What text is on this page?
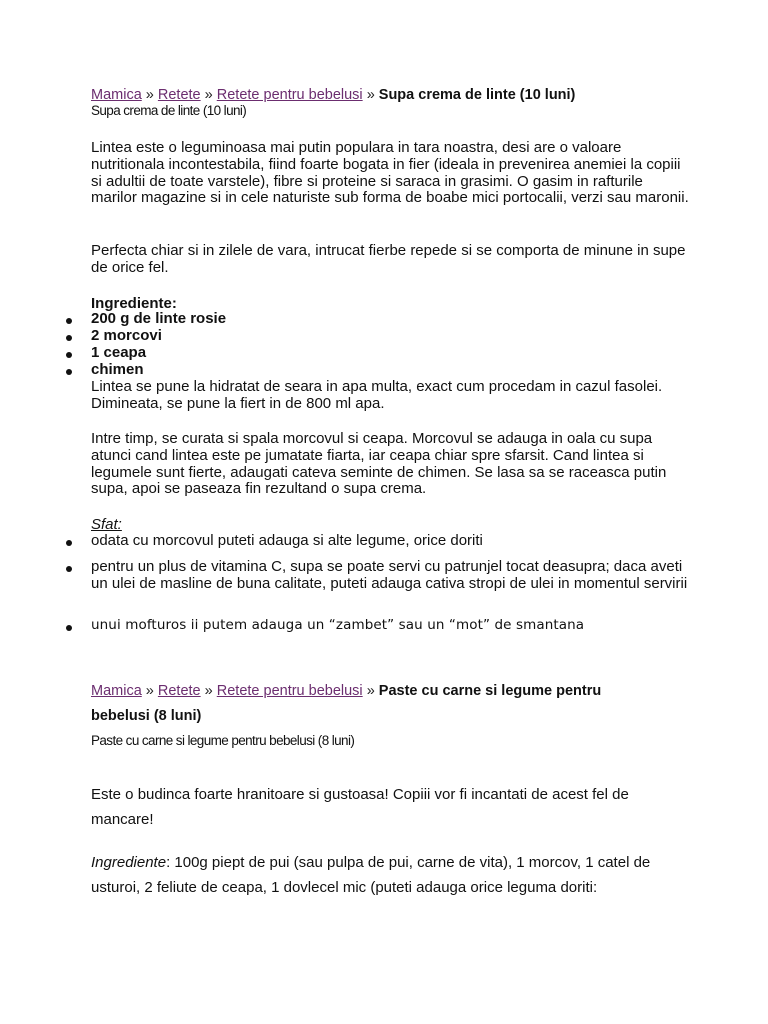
Mamica » Retete » Retete pentru bebelusi » Supa crema de linte (10 luni)
Supa crema de linte (10 luni)
Lintea este o leguminoasa mai putin populara in tara noastra, desi are o valoare nutritionala incontestabila, fiind foarte bogata in fier (ideala in prevenirea anemiei la copiii si adultii de toate varstele), fibre si proteine si saraca in grasimi. O gasim in rafturile marilor magazine si in cele naturiste sub forma de boabe mici portocalii, verzi sau maronii.
Perfecta chiar si in zilele de vara, intrucat fierbe repede si se comporta de minune in supe de orice fel.
Ingrediente:
200 g de linte rosie
2 morcovi
1 ceapa
chimen
Lintea se pune la hidratat de seara in apa multa, exact cum procedam in cazul fasolei. Dimineata, se pune la fiert in de 800 ml apa.
Intre timp, se curata si spala morcovul si ceapa. Morcovul se adauga in oala cu supa atunci cand lintea este pe jumatate fiarta, iar ceapa chiar spre sfarsit. Cand lintea si legumele sunt fierte, adaugati cateva seminte de chimen. Se lasa sa se raceasca putin supa, apoi se paseaza fin rezultand o supa crema.
Sfat:
odata cu morcovul puteti adauga si alte legume, orice doriti
pentru un plus de vitamina C, supa se poate servi cu patrunjel tocat deasupra; daca aveti un ulei de masline de buna calitate, puteti adauga cativa stropi de ulei in momentul servirii
unui mofturos ii putem adauga un “zambet” sau un “mot” de smantana
Mamica » Retete » Retete pentru bebelusi » Paste cu carne si legume pentru
bebelusi (8 luni)
Paste cu carne si legume pentru bebelusi (8 luni)
Este o budinca foarte hranitoare si gustoasa! Copiii vor fi incantati de acest fel de mancare!
Ingrediente: 100g piept de pui (sau pulpa de pui, carne de vita), 1 morcov, 1 catel de usturoi, 2 feliute de ceapa, 1 dovlecel mic (puteti adauga orice leguma doriti:
